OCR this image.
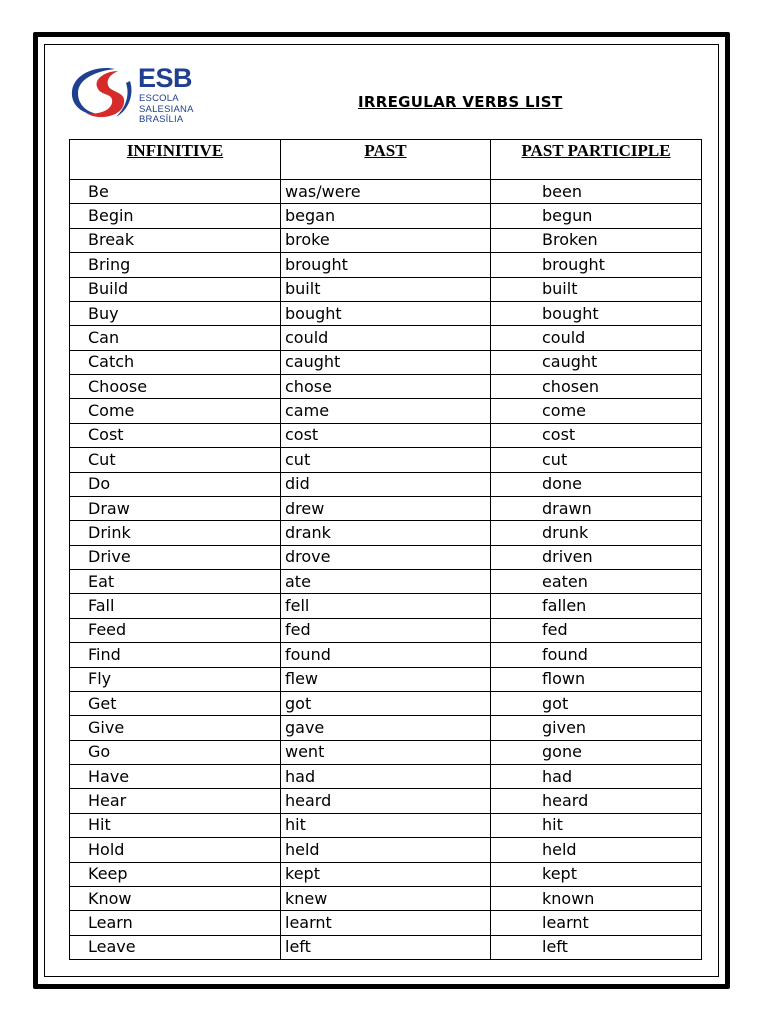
ESB
ESCOLA
SALESIANA
BRASÍLIA
IRREGULAR VERBS LIST
INFINITIVE	PAST	PAST PARTICIPLE
Be	was/were	been
Begin	began	begun
Break	broke	Broken
Bring	brought	brought
Build	built	built
Buy	bought	bought
Can	could	could
Catch	caught	caught
Choose	chose	chosen
Come	came	come
Cost	cost	cost
Cut	cut	cut
Do	did	done
Draw	drew	drawn
Drink	drank	drunk
Drive	drove	driven
Eat	ate	eaten
Fall	fell	fallen
Feed	fed	fed
Find	found	found
Fly	flew	flown
Get	got	got
Give	gave	given
Go	went	gone
Have	had	had
Hear	heard	heard
Hit	hit	hit
Hold	held	held
Keep	kept	kept
Know	knew	known
Learn	learnt	learnt
Leave	left	left
